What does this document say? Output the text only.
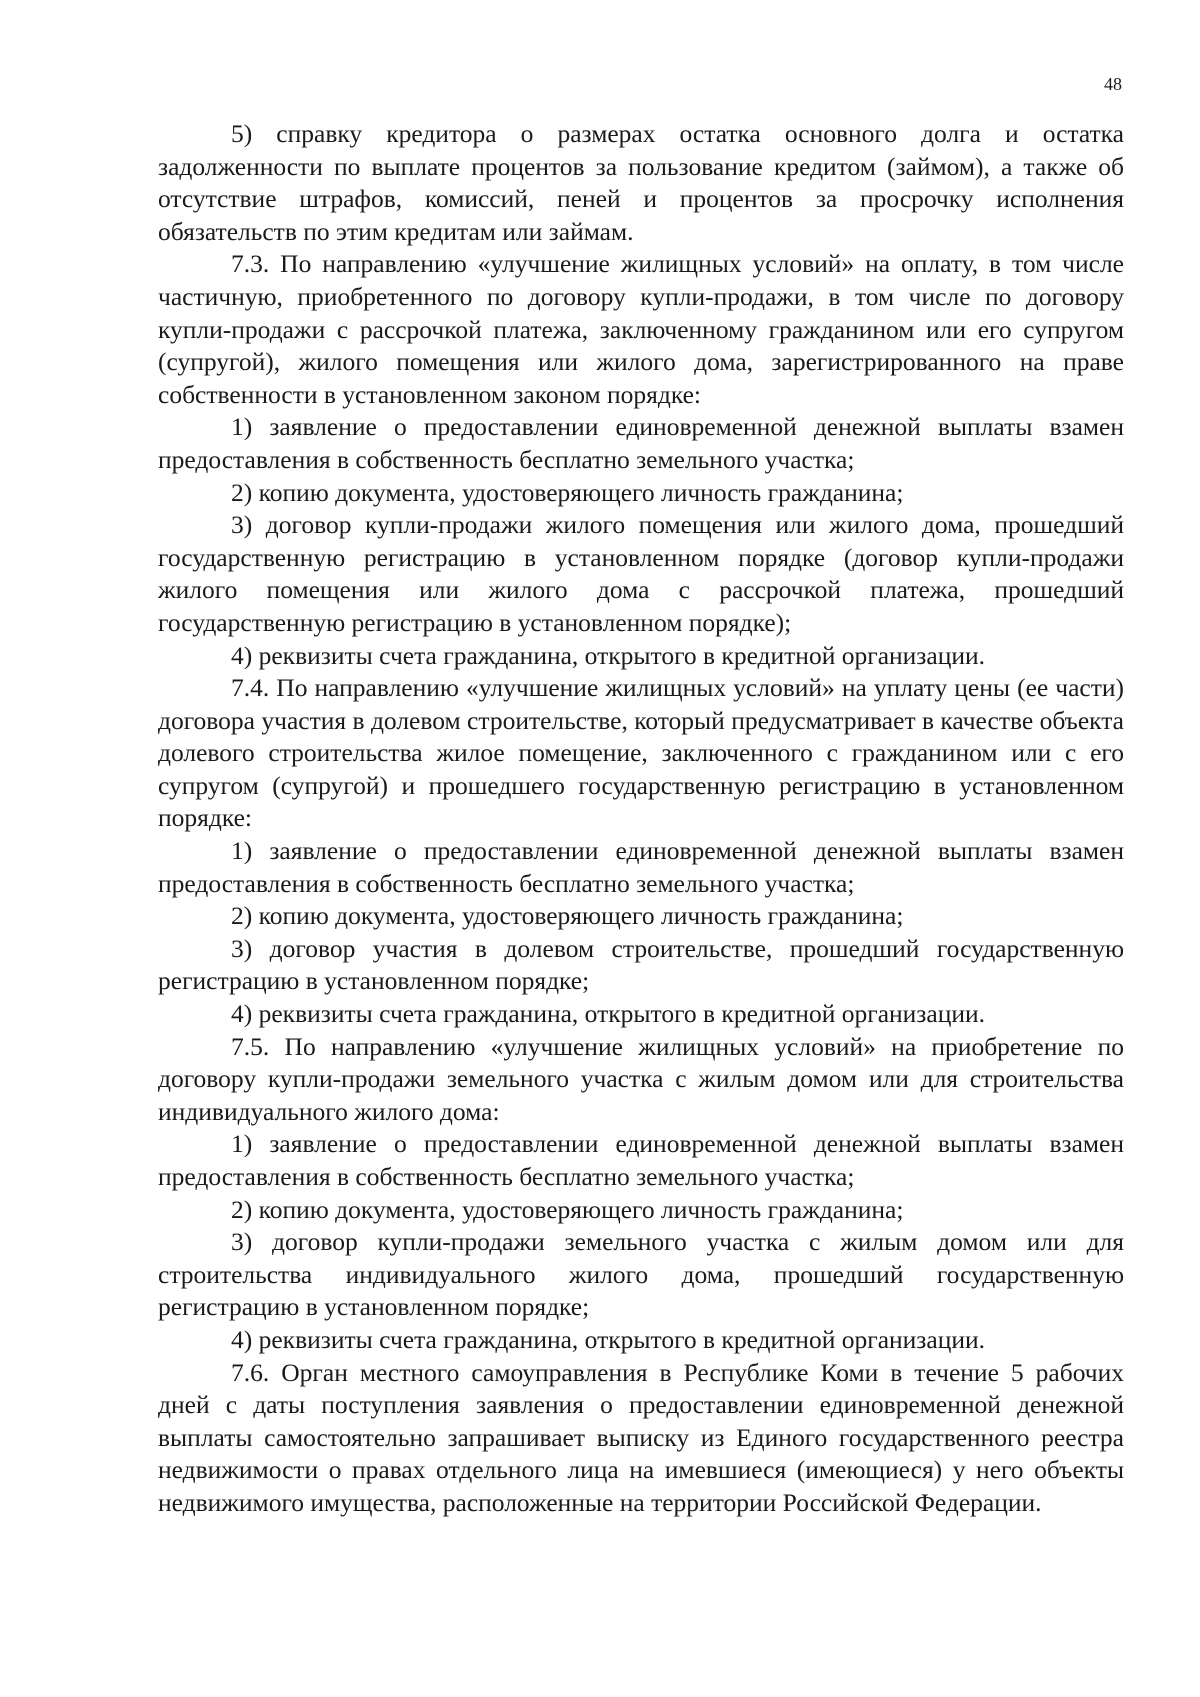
48

5) справку кредитора о размерах остатка основного долга и остатка задолженности по выплате процентов за пользование кредитом (займом), а также об отсутствие штрафов, комиссий, пеней и процентов за просрочку исполнения обязательств по этим кредитам или займам.

7.3. По направлению «улучшение жилищных условий» на оплату, в том числе частичную, приобретенного по договору купли-продажи, в том числе по договору купли-продажи с рассрочкой платежа, заключенному гражданином или его супругом (супругой), жилого помещения или жилого дома, зарегистрированного на праве собственности в установленном законом порядке:

1) заявление о предоставлении единовременной денежной выплаты взамен предоставления в собственность бесплатно земельного участка;

2) копию документа, удостоверяющего личность гражданина;

3) договор купли-продажи жилого помещения или жилого дома, прошедший государственную регистрацию в установленном порядке (договор купли-продажи жилого помещения или жилого дома с рассрочкой платежа, прошедший государственную регистрацию в установленном порядке);

4) реквизиты счета гражданина, открытого в кредитной организации.

7.4. По направлению «улучшение жилищных условий» на уплату цены (ее части) договора участия в долевом строительстве, который предусматривает в качестве объекта долевого строительства жилое помещение, заключенного с гражданином или с его супругом (супругой) и прошедшего государственную регистрацию в установленном порядке:

1) заявление о предоставлении единовременной денежной выплаты взамен предоставления в собственность бесплатно земельного участка;

2) копию документа, удостоверяющего личность гражданина;

3) договор участия в долевом строительстве, прошедший государственную регистрацию в установленном порядке;

4) реквизиты счета гражданина, открытого в кредитной организации.

7.5. По направлению «улучшение жилищных условий» на приобретение по договору купли-продажи земельного участка с жилым домом или для строительства индивидуального жилого дома:

1) заявление о предоставлении единовременной денежной выплаты взамен предоставления в собственность бесплатно земельного участка;

2) копию документа, удостоверяющего личность гражданина;

3) договор купли-продажи земельного участка с жилым домом или для строительства индивидуального жилого дома, прошедший государственную регистрацию в установленном порядке;

4) реквизиты счета гражданина, открытого в кредитной организации.

7.6. Орган местного самоуправления в Республике Коми в течение 5 рабочих дней с даты поступления заявления о предоставлении единовременной денежной выплаты самостоятельно запрашивает выписку из Единого государственного реестра недвижимости о правах отдельного лица на имевшиеся (имеющиеся) у него объекты недвижимого имущества, расположенные на территории Российской Федерации.
